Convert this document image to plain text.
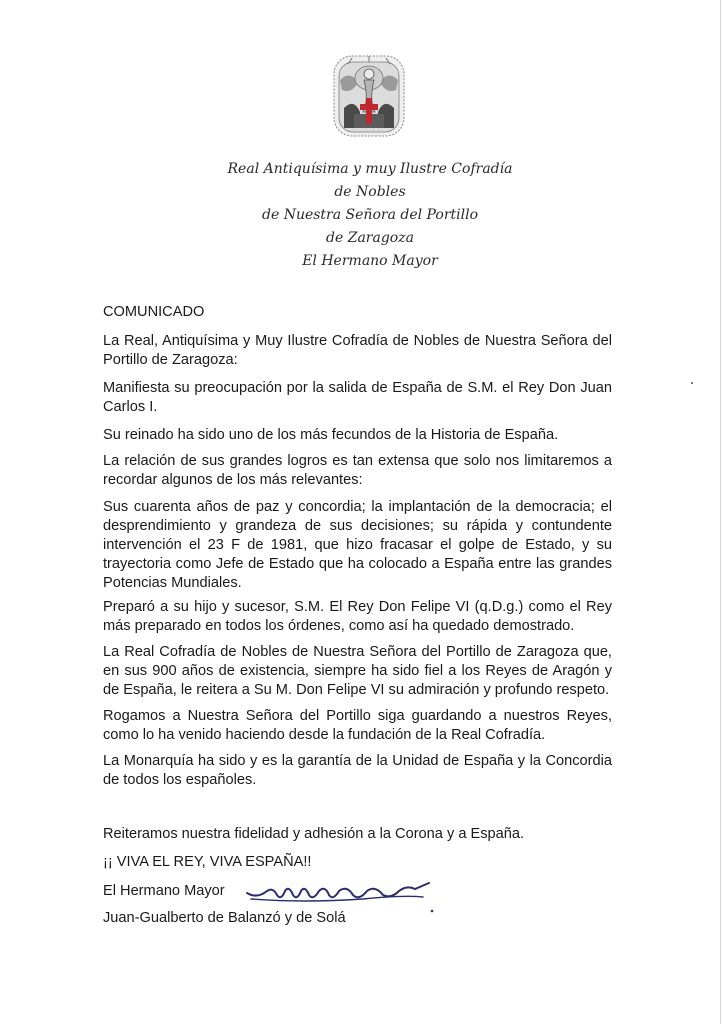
Real Antiquísima y muy Ilustre Cofradía
de Nobles
de Nuestra Señora del Portillo
de Zaragoza
El Hermano Mayor
COMUNICADO
La Real, Antiquísima y Muy Ilustre Cofradía de Nobles de Nuestra Señora del Portillo de Zaragoza:
Manifiesta su preocupación por la salida de España de S.M. el Rey Don Juan Carlos I.
Su reinado ha sido uno de los más fecundos de la Historia de España.
La relación de sus grandes logros es tan extensa que solo nos limitaremos a recordar algunos de los más relevantes:
Sus cuarenta años de paz y concordia; la implantación de la democracia; el desprendimiento y grandeza de sus decisiones; su rápida y contundente intervención el 23 F de 1981, que hizo fracasar el golpe de Estado, y su trayectoria como Jefe de Estado que ha colocado a España entre las grandes Potencias Mundiales.
Preparó a su hijo y sucesor, S.M. El Rey Don Felipe VI (q.D.g.) como el Rey más preparado en todos los órdenes, como así ha quedado demostrado.
La Real Cofradía de Nobles de Nuestra Señora del Portillo de Zaragoza que, en sus 900 años de existencia, siempre ha sido fiel a los Reyes de Aragón y de España, le reitera a Su M. Don Felipe VI su admiración y profundo respeto.
Rogamos a Nuestra Señora del Portillo siga guardando a nuestros Reyes, como lo ha venido haciendo desde la fundación de la Real Cofradía.
La Monarquía ha sido y es la garantía de la Unidad de España y la Concordia de todos los españoles.
Reiteramos nuestra fidelidad y adhesión a la Corona y a España.
¡¡ VIVA EL REY, VIVA ESPAÑA!!
El Hermano Mayor
Juan-Gualberto de Balanzó y de Solá
